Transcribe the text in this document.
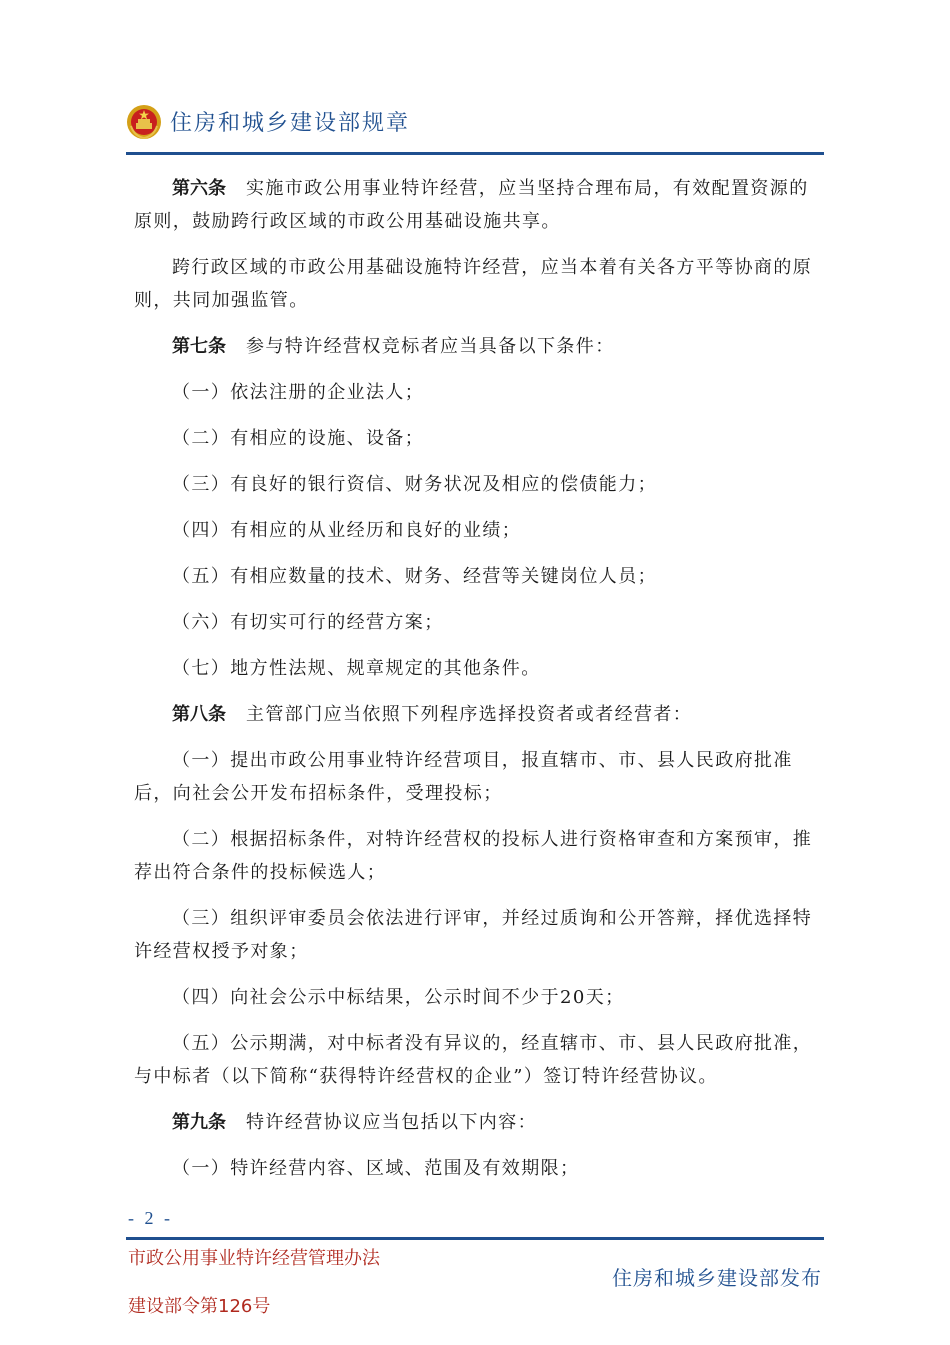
住房和城乡建设部规章

第六条 实施市政公用事业特许经营，应当坚持合理布局，有效配置资源的原则，鼓励跨行政区域的市政公用基础设施共享。

跨行政区域的市政公用基础设施特许经营，应当本着有关各方平等协商的原则，共同加强监管。

第七条 参与特许经营权竞标者应当具备以下条件：

（一）依法注册的企业法人；

（二）有相应的设施、设备；

（三）有良好的银行资信、财务状况及相应的偿债能力；

（四）有相应的从业经历和良好的业绩；

（五）有相应数量的技术、财务、经营等关键岗位人员；

（六）有切实可行的经营方案；

（七）地方性法规、规章规定的其他条件。

第八条 主管部门应当依照下列程序选择投资者或者经营者：

（一）提出市政公用事业特许经营项目，报直辖市、市、县人民政府批准后，向社会公开发布招标条件，受理投标；

（二）根据招标条件，对特许经营权的投标人进行资格审查和方案预审，推荐出符合条件的投标候选人；

（三）组织评审委员会依法进行评审，并经过质询和公开答辩，择优选择特许经营权授予对象；

（四）向社会公示中标结果，公示时间不少于20天；

（五）公示期满，对中标者没有异议的，经直辖市、市、县人民政府批准，与中标者（以下简称“获得特许经营权的企业”）签订特许经营协议。

第九条 特许经营协议应当包括以下内容：

（一）特许经营内容、区域、范围及有效期限；

- 2 -
市政公用事业特许经营管理办法
建设部令第126号
住房和城乡建设部发布
